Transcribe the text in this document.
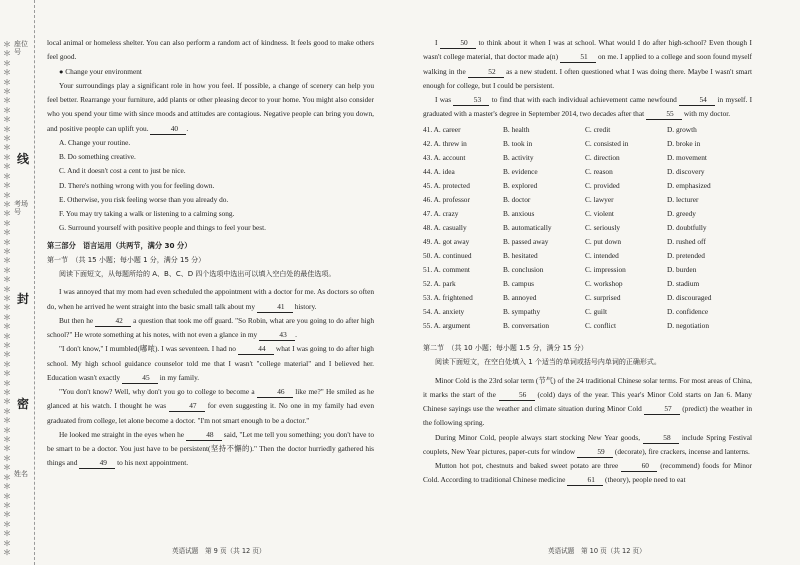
＊＊＊＊＊＊＊＊＊＊＊＊＊＊＊＊＊＊＊＊＊＊＊＊＊＊＊＊＊＊＊＊＊＊＊＊＊＊＊＊＊＊＊＊＊＊＊＊＊＊＊＊＊＊＊
座位号
线
考场号
封
密
姓名

local animal or homeless shelter. You can also perform a random act of kindness. It feels good to make others feel good.

● Change your environment

Your surroundings play a significant role in how you feel. If possible, a change of scenery can help you feel better. Rearrange your furniture, add plants or other pleasing decor to your home. You might also consider who you spend your time with since moods and attitudes are contagious. Negative people can bring you down, and positive people can uplift you.	40 .

A. Change your routine.

B. Do something creative.

C. And it doesn't cost a cent to just be nice.

D. There's nothing wrong with you for feeling down.

E. Otherwise, you risk feeling worse than you already do.

F. You may try taking a walk or listening to a calming song.

G. Surround yourself with positive people and things to feel your best.

第三部分　语言运用（共两节，满分 30 分）

第一节　（共 15 小题；每小题 1 分，满分 15 分）

阅读下面短文，从每题所给的 A、B、C、D 四个选项中选出可以填入空白处的最佳选项。

I was annoyed that my mom had even scheduled the appointment with a doctor for me. As doctors so often do, when he arrived he went straight into the basic small talk about my	41 history.

But then he	42 a question that took me off guard. "So Robin, what are you going to do after high school?" He wrote something at his notes, with not even a glance in my	43 .

"I don't know," I mumbled(嘟哝). I was seventeen. I had no	44 what I was going to do after high school. My high school guidance counselor told me that I wasn't "college material" and I believed her. Education wasn't exactly	45 in my family.

"You don't know? Well, why don't you go to college to become a	46 like me?" He smiled as he glanced at his watch. I thought he was	47 for even suggesting it. No one in my family had even graduated from college, let alone become a doctor. "I'm not smart enough to be a doctor."

He looked me straight in the eyes when he	48 said, "Let me tell you something; you don't have to be smart to be a doctor. You just have to be persistent(坚持不懈的)." Then the doctor hurriedly gathered his things and	49 to his next appointment.

I	50 to think about it when I was at school. What would I do after high-school? Even though I wasn't college material, that doctor made a(n)	51 on me. I applied to a college and soon found myself walking in the	52 as a new student. I often questioned what I was doing there. Maybe I wasn't smart enough for college, but I could be persistent.

I was	53 to find that with each individual achievement came newfound	54 in myself. I graduated with a master's degree in September 2014, two decades after that	55 with my doctor.

41. A. career	B. health	C. credit	D. growth
42. A. threw in	B. took in	C. consisted in	D. broke in
43. A. account	B. activity	C. direction	D. movement
44. A. idea	B. evidence	C. reason	D. discovery
45. A. protected	B. explored	C. provided	D. emphasized
46. A. professor	B. doctor	C. lawyer	D. lecturer
47. A. crazy	B. anxious	C. violent	D. greedy
48. A. casually	B. automatically	C. seriously	D. doubtfully
49. A. got away	B. passed away	C. put down	D. rushed off
50. A. continued	B. hesitated	C. intended	D. pretended
51. A. comment	B. conclusion	C. impression	D. burden
52. A. park	B. campus	C. workshop	D. stadium
53. A. frightened	B. annoyed	C. surprised	D. discouraged
54. A. anxiety	B. sympathy	C. guilt	D. confidence
55. A. argument	B. conversation	C. conflict	D. negotiation

第二节　（共 10 小题；每小题 1.5 分，满分 15 分）

阅读下面短文，在空白处填入 1 个适当的单词或括号内单词的正确形式。

Minor Cold is the 23rd solar term (节气) of the 24 traditional Chinese solar terms. For most areas of China, it marks the start of the	56 (cold) days of the year. This year's Minor Cold starts on Jan 6. Many Chinese sayings use the weather and climate situation during Minor Cold	57 (predict) the weather in the following spring.

During Minor Cold, people always start stocking New Year goods,	58 include Spring Festival couplets, New Year pictures, paper-cuts for window	59 (decorate), fire crackers, incense and lanterns.

Mutton hot pot, chestnuts and baked sweet potato are three	60 (recommend) foods for Minor Cold. According to traditional Chinese medicine	61 (theory), people need to eat

英语试题　第 9 页（共 12 页）	英语试题　第 10 页（共 12 页）
